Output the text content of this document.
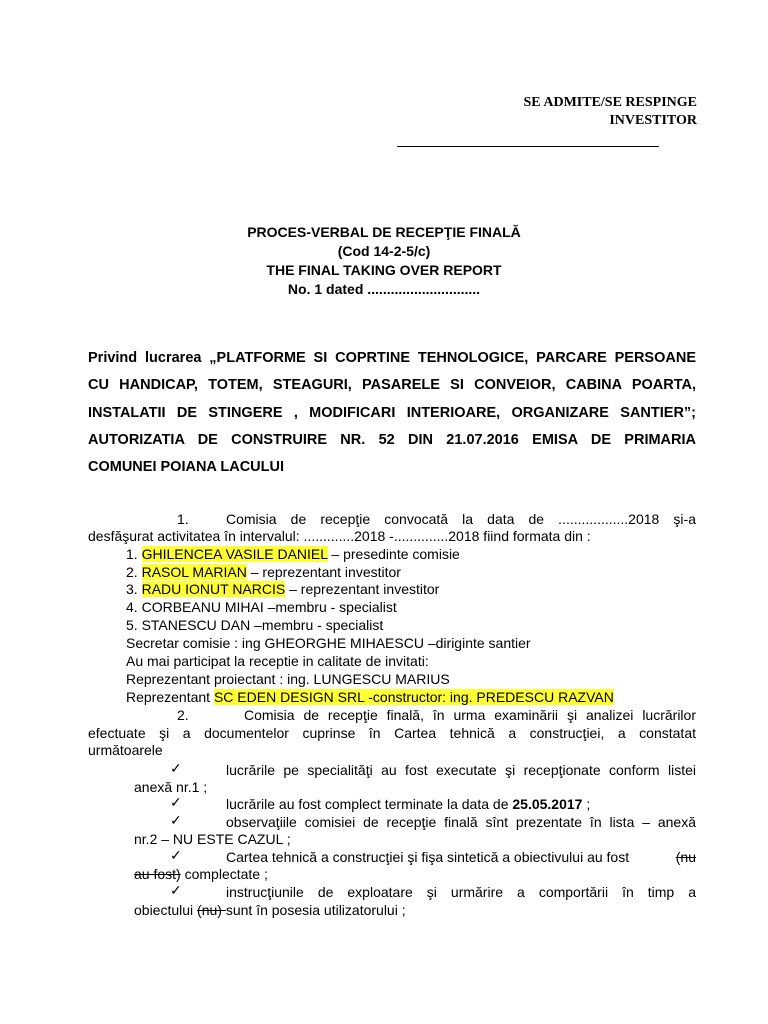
SE ADMITE/SE RESPINGE
INVESTITOR
PROCES-VERBAL DE RECEPŢIE FINALĂ
(Cod 14-2-5/c)
THE FINAL TAKING OVER REPORT
No. 1 dated .............................
Privind lucrarea „PLATFORME SI COPRTINE TEHNOLOGICE, PARCARE PERSOANE
CU HANDICAP, TOTEM, STEAGURI, PASARELE SI CONVEIOR, CABINA POARTA,
INSTALATII DE STINGERE , MODIFICARI INTERIOARE, ORGANIZARE SANTIER”;
AUTORIZATIA DE CONSTRUIRE NR. 52 DIN 21.07.2016 EMISA DE PRIMARIA
COMUNEI POIANA LACULUI
1.	Comisia de recepţie convocată la data de ..................2018 şi-a
desfăşurat activitatea în intervalul: .............2018 -..............2018 fiind formata din :
1. GHILENCEA VASILE DANIEL – presedinte comisie
2. RASOL MARIAN – reprezentant investitor
3. RADU IONUT NARCIS – reprezentant investitor
4. CORBEANU MIHAI –membru - specialist
5. STANESCU DAN –membru - specialist
Secretar comisie : ing GHEORGHE MIHAESCU –diriginte santier
Au mai participat la receptie in calitate de invitati:
Reprezentant proiectant : ing. LUNGESCU MARIUS
Reprezentant SC EDEN DESIGN SRL -constructor: ing. PREDESCU RAZVAN
2.	Comisia de recepţie finală, în urma examinării şi analizei lucrărilor
efectuate şi a documentelor cuprinse în Cartea tehnică a construcţiei, a constatat
următoarele
✓	lucrările pe specialităţi au fost executate şi recepţionate conform listei
anexă nr.1 ;
✓	lucrările au fost complect terminate la data de 25.05.2017 ;
✓	observaţiile comisiei de recepţie finală sînt prezentate în lista – anexă
nr.2 – NU ESTE CAZUL ;
✓	Cartea tehnică a construcţiei şi fişa sintetică a obiectivului au fost	(nu
au fost) complectate ;
✓	instrucţiunile de exploatare şi urmărire a comportării în timp a
obiectului (nu) sunt în posesia utilizatorului ;
